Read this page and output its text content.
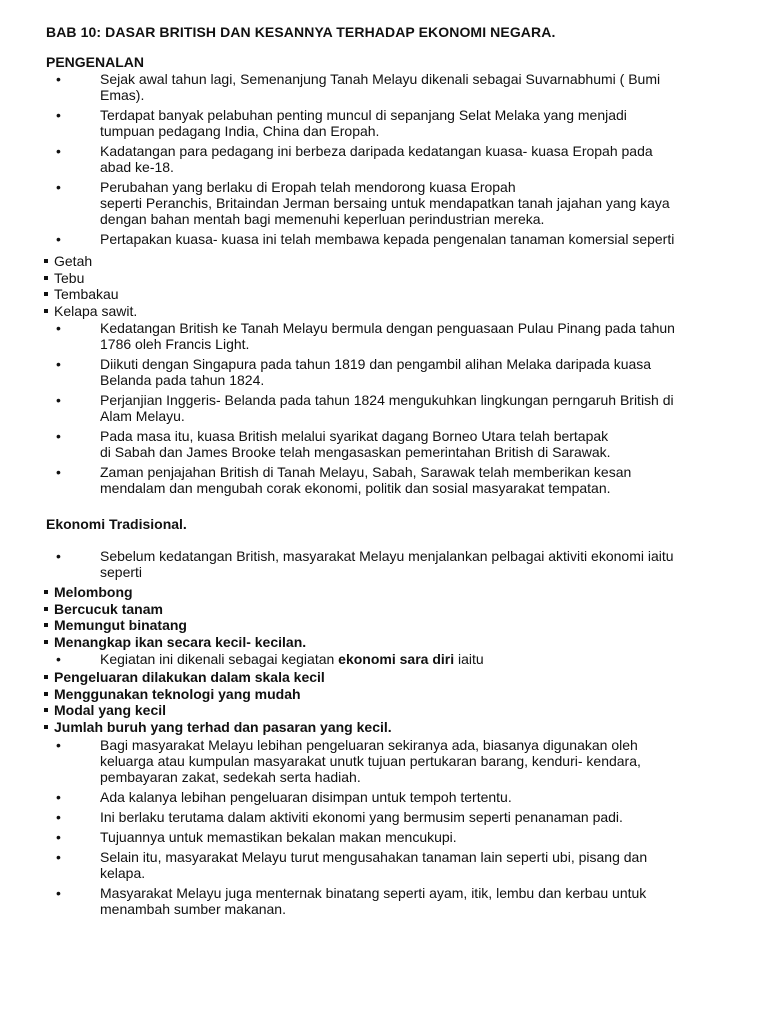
BAB 10: DASAR BRITISH DAN KESANNYA TERHADAP EKONOMI NEGARA.
PENGENALAN
•	Sejak awal tahun lagi, Semenanjung Tanah Melayu dikenali sebagai Suvarnabhumi ( Bumi
Emas).
•	Terdapat banyak pelabuhan penting muncul di sepanjang Selat Melaka yang menjadi
tumpuan pedagang India, China dan Eropah.
•	Kadatangan para pedagang ini berbeza daripada kedatangan kuasa- kuasa Eropah pada
abad ke-18.
•	Perubahan yang berlaku di Eropah telah mendorong kuasa Eropah
seperti Peranchis, Britaindan Jerman bersaing untuk mendapatkan tanah jajahan yang kaya
dengan bahan mentah bagi memenuhi keperluan perindustrian mereka.
•	Pertapakan kuasa- kuasa ini telah membawa kepada pengenalan tanaman komersial seperti
Getah
Tebu
Tembakau
Kelapa sawit.
•	Kedatangan British ke Tanah Melayu bermula dengan penguasaan Pulau Pinang pada tahun
1786 oleh Francis Light.
•	Diikuti dengan Singapura pada tahun 1819 dan pengambil alihan Melaka daripada kuasa
Belanda pada tahun 1824.
•	Perjanjian Inggeris- Belanda pada tahun 1824 mengukuhkan lingkungan perngaruh British di
Alam Melayu.
•	Pada masa itu, kuasa British melalui syarikat dagang Borneo Utara telah bertapak
di Sabah dan James Brooke telah mengasaskan pemerintahan British di Sarawak.
•	Zaman penjajahan British di Tanah Melayu, Sabah, Sarawak telah memberikan kesan
mendalam dan mengubah corak ekonomi, politik dan sosial masyarakat tempatan.
Ekonomi Tradisional.
•	Sebelum kedatangan British, masyarakat Melayu menjalankan pelbagai aktiviti ekonomi iaitu
seperti
Melombong
Bercucuk tanam
Memungut binatang
Menangkap ikan secara kecil- kecilan.
•	Kegiatan ini dikenali sebagai kegiatan ekonomi sara diri iaitu
Pengeluaran dilakukan dalam skala kecil
Menggunakan teknologi yang mudah
Modal yang kecil
Jumlah buruh yang terhad dan pasaran yang kecil.
•	Bagi masyarakat Melayu lebihan pengeluaran sekiranya ada, biasanya digunakan oleh
keluarga atau kumpulan masyarakat unutk tujuan pertukaran barang, kenduri- kendara,
pembayaran zakat, sedekah serta hadiah.
•	Ada kalanya lebihan pengeluaran disimpan untuk tempoh tertentu.
•	Ini berlaku terutama dalam aktiviti ekonomi yang bermusim seperti penanaman padi.
•	Tujuannya untuk memastikan bekalan makan mencukupi.
•	Selain itu, masyarakat Melayu turut mengusahakan tanaman lain seperti ubi, pisang dan
kelapa.
•	Masyarakat Melayu juga menternak binatang seperti ayam, itik, lembu dan kerbau untuk
menambah sumber makanan.
